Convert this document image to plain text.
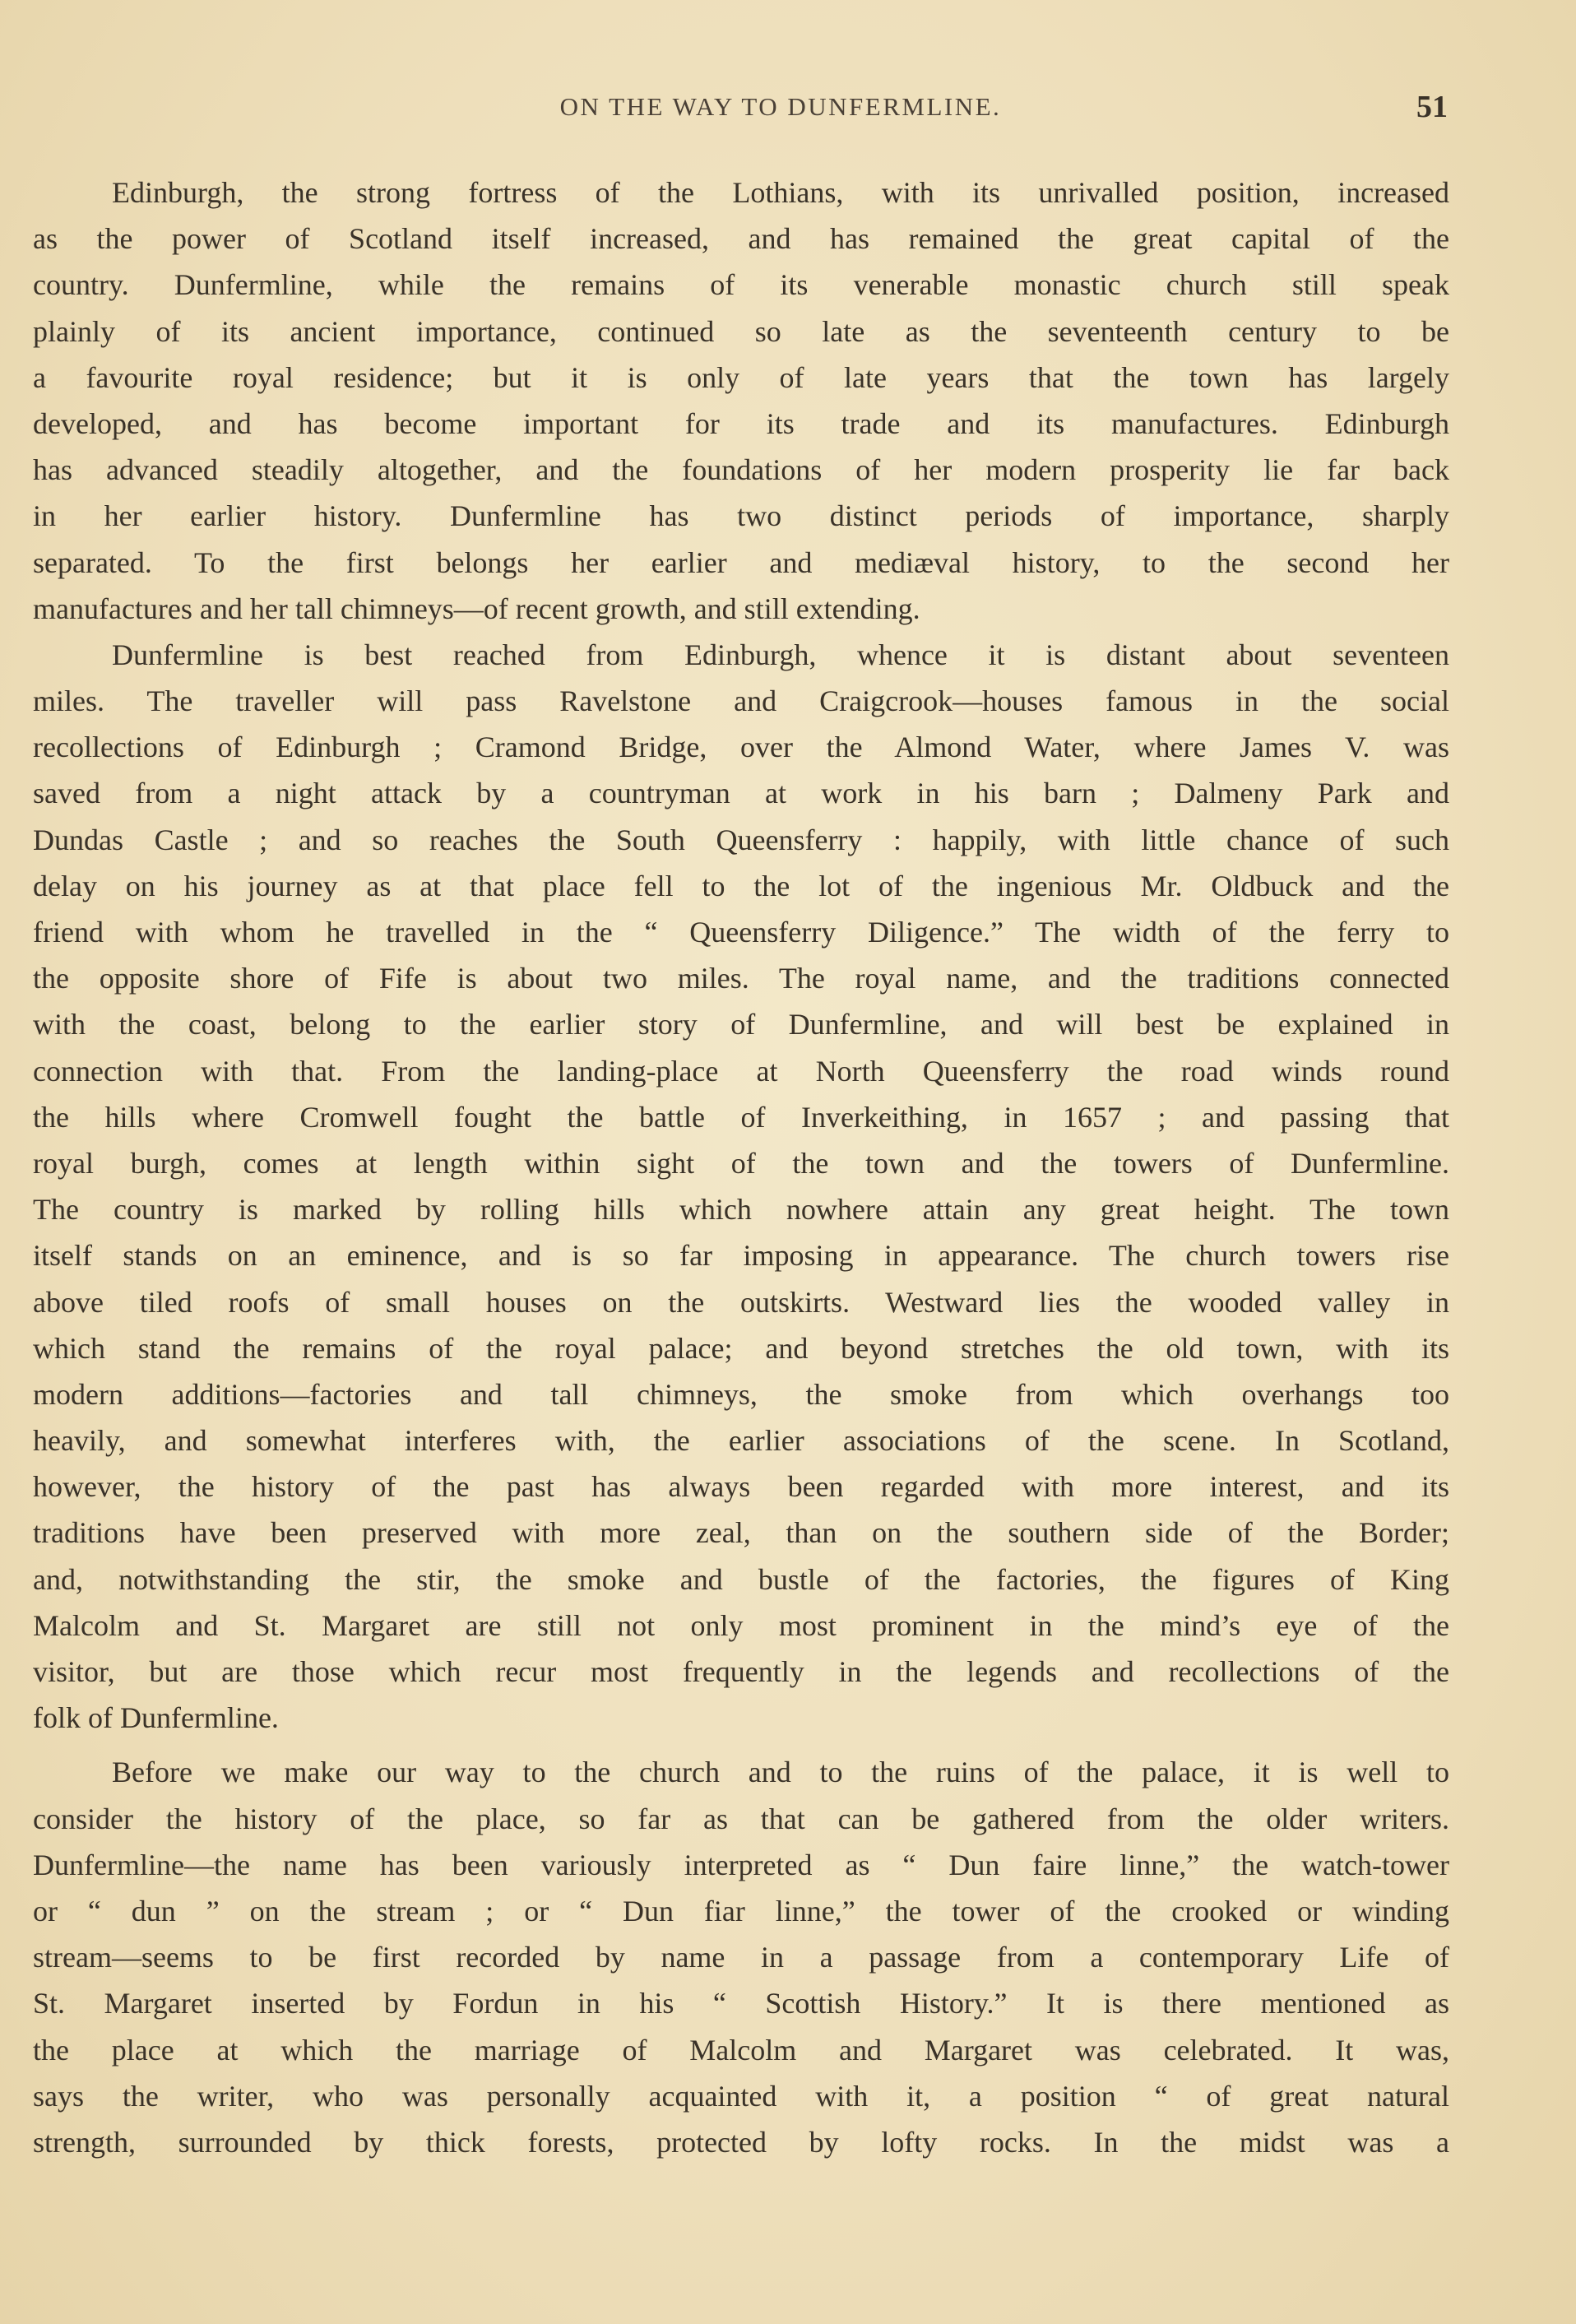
ON THE WAY TO DUNFERMLINE.	51
Edinburgh, the strong fortress of the Lothians, with its unrivalled position, increased
as the power of Scotland itself increased, and has remained the great capital of the
country. Dunfermline, while the remains of its venerable monastic church still speak
plainly of its ancient importance, continued so late as the seventeenth century to be
a favourite royal residence; but it is only of late years that the town has largely
developed, and has become important for its trade and its manufactures. Edinburgh
has advanced steadily altogether, and the foundations of her modern prosperity lie far back
in her earlier history. Dunfermline has two distinct periods of importance, sharply
separated. To the first belongs her earlier and mediæval history, to the second her
manufactures and her tall chimneys—of recent growth, and still extending.
Dunfermline is best reached from Edinburgh, whence it is distant about seventeen
miles. The traveller will pass Ravelstone and Craigcrook—houses famous in the social
recollections of Edinburgh ; Cramond Bridge, over the Almond Water, where James V. was
saved from a night attack by a countryman at work in his barn ; Dalmeny Park and
Dundas Castle ; and so reaches the South Queensferry : happily, with little chance of such
delay on his journey as at that place fell to the lot of the ingenious Mr. Oldbuck and the
friend with whom he travelled in the “ Queensferry Diligence.” The width of the ferry to
the opposite shore of Fife is about two miles. The royal name, and the traditions connected
with the coast, belong to the earlier story of Dunfermline, and will best be explained in
connection with that. From the landing-place at North Queensferry the road winds round
the hills where Cromwell fought the battle of Inverkeithing, in 1657 ; and passing that
royal burgh, comes at length within sight of the town and the towers of Dunfermline.
The country is marked by rolling hills which nowhere attain any great height. The town
itself stands on an eminence, and is so far imposing in appearance. The church towers rise
above tiled roofs of small houses on the outskirts. Westward lies the wooded valley in
which stand the remains of the royal palace; and beyond stretches the old town, with its
modern additions—factories and tall chimneys, the smoke from which overhangs too
heavily, and somewhat interferes with, the earlier associations of the scene. In Scotland,
however, the history of the past has always been regarded with more interest, and its
traditions have been preserved with more zeal, than on the southern side of the Border;
and, notwithstanding the stir, the smoke and bustle of the factories, the figures of King
Malcolm and St. Margaret are still not only most prominent in the mind’s eye of the
visitor, but are those which recur most frequently in the legends and recollections of the
folk of Dunfermline.
Before we make our way to the church and to the ruins of the palace, it is well to
consider the history of the place, so far as that can be gathered from the older writers.
Dunfermline—the name has been variously interpreted as “ Dun faire linne,” the watch-tower
or “ dun ” on the stream ; or “ Dun fiar linne,” the tower of the crooked or winding
stream—seems to be first recorded by name in a passage from a contemporary Life of
St. Margaret inserted by Fordun in his “ Scottish History.” It is there mentioned as
the place at which the marriage of Malcolm and Margaret was celebrated. It was,
says the writer, who was personally acquainted with it, a position “ of great natural
strength, surrounded by thick forests, protected by lofty rocks. In the midst was a
